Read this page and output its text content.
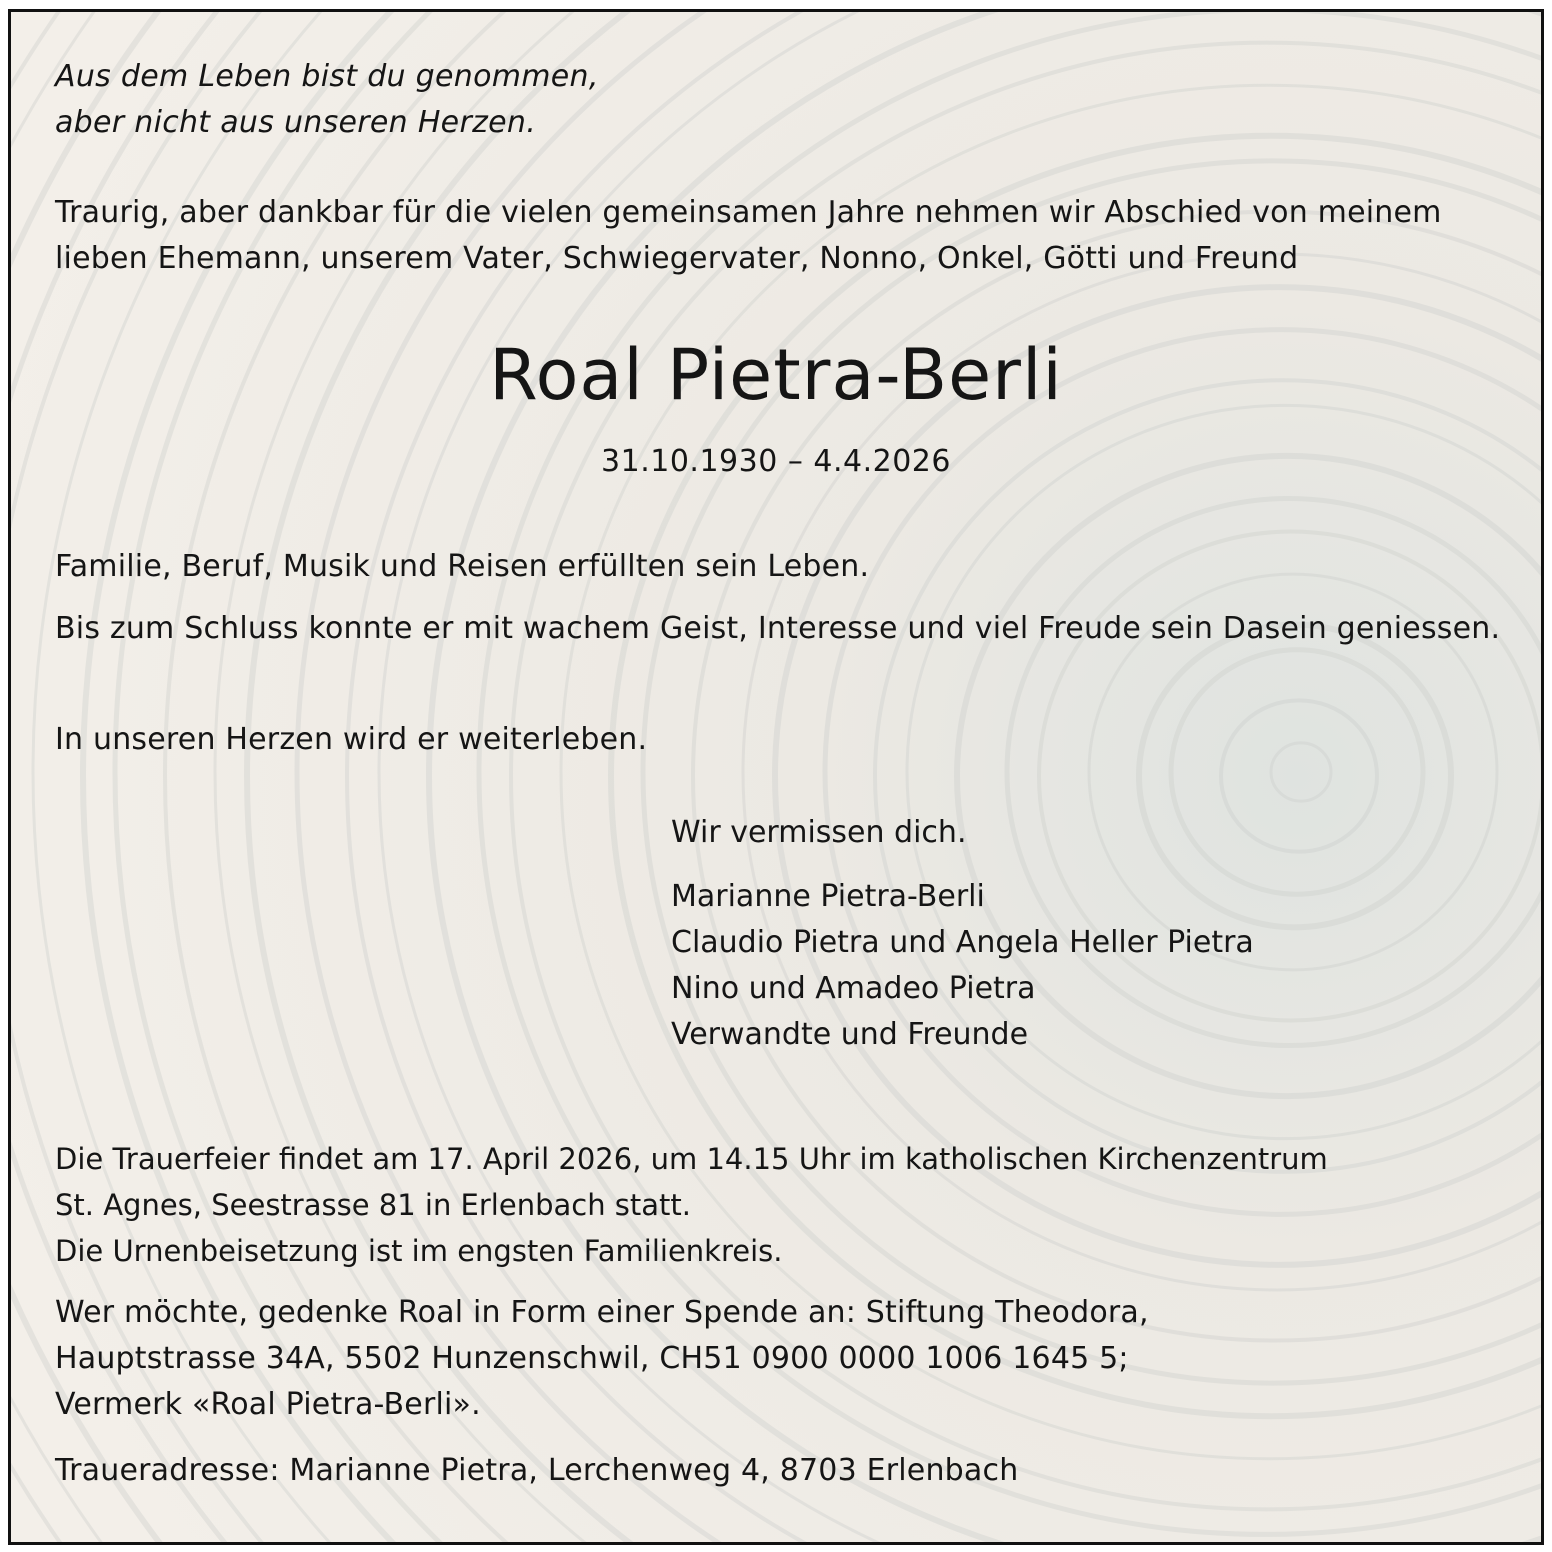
Aus dem Leben bist du genommen,
aber nicht aus unseren Herzen.
Traurig, aber dankbar für die vielen gemeinsamen Jahre nehmen wir Abschied von meinem lieben Ehemann, unserem Vater, Schwiegervater, Nonno, Onkel, Götti und Freund
Roal Pietra-Berli
31.10.1930 – 4.4.2026
Familie, Beruf, Musik und Reisen erfüllten sein Leben.
Bis zum Schluss konnte er mit wachem Geist, Interesse und viel Freude sein Dasein geniessen.
In unseren Herzen wird er weiterleben.
Wir vermissen dich.
Marianne Pietra-Berli
Claudio Pietra und Angela Heller Pietra
Nino und Amadeo Pietra
Verwandte und Freunde
Die Trauerfeier findet am 17. April 2026, um 14.15 Uhr im katholischen Kirchenzentrum
St. Agnes, Seestrasse 81 in Erlenbach statt.
Die Urnenbeisetzung ist im engsten Familienkreis.
Wer möchte, gedenke Roal in Form einer Spende an: Stiftung Theodora,
Hauptstrasse 34A, 5502 Hunzenschwil, CH51 0900 0000 1006 1645 5;
Vermerk «Roal Pietra-Berli».
Traueradresse: Marianne Pietra, Lerchenweg 4, 8703 Erlenbach
